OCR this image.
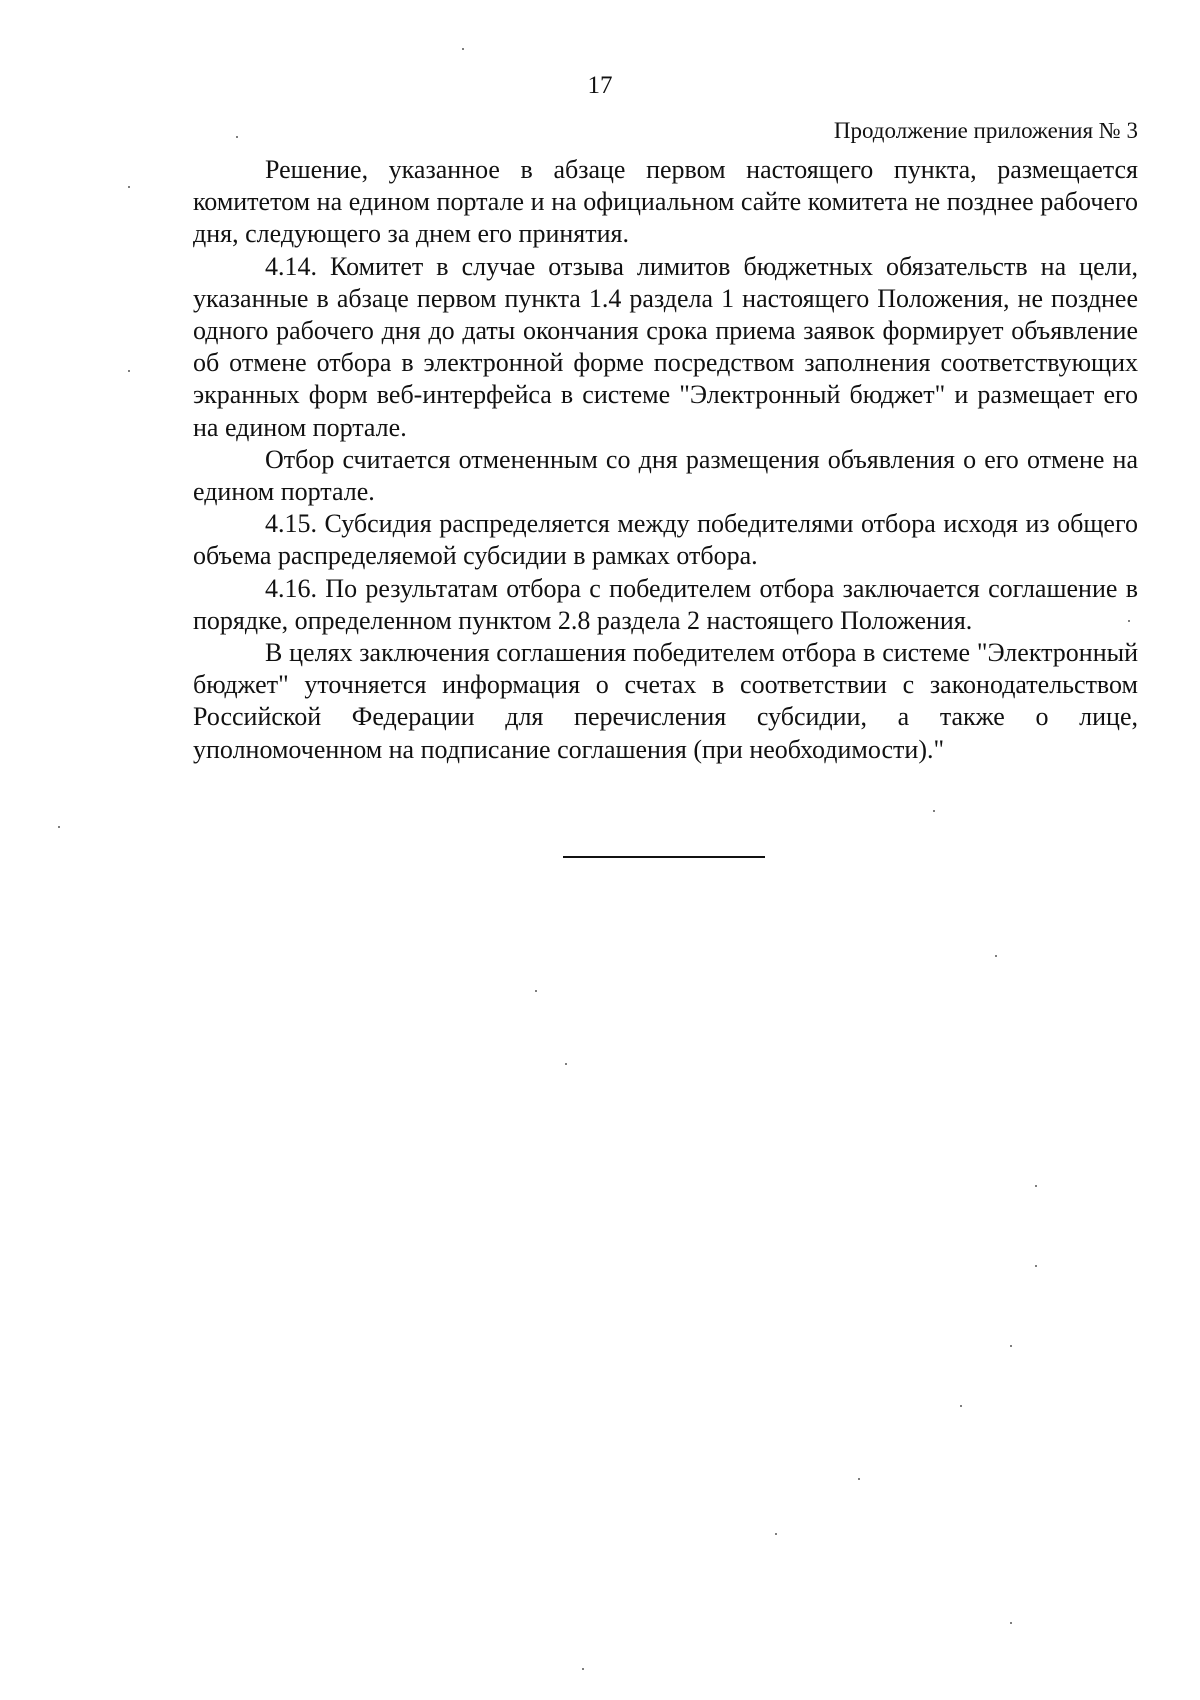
17
Продолжение приложения № 3

Решение, указанное в абзаце первом настоящего пункта, размещается комитетом на едином портале и на официальном сайте комитета не позднее рабочего дня, следующего за днем его принятия.

4.14. Комитет в случае отзыва лимитов бюджетных обязательств на цели, указанные в абзаце первом пункта 1.4 раздела 1 настоящего Положения, не позднее одного рабочего дня до даты окончания срока приема заявок формирует объявление об отмене отбора в электронной форме посредством заполнения соответствующих экранных форм веб-интерфейса в системе "Электронный бюджет" и размещает его на едином портале.

Отбор считается отмененным со дня размещения объявления о его отмене на едином портале.

4.15. Субсидия распределяется между победителями отбора исходя из общего объема распределяемой субсидии в рамках отбора.

4.16. По результатам отбора с победителем отбора заключается соглашение в порядке, определенном пунктом 2.8 раздела 2 настоящего Положения.

В целях заключения соглашения победителем отбора в системе "Электронный бюджет" уточняется информация о счетах в соответствии с законодательством Российской Федерации для перечисления субсидии, а также о лице, уполномоченном на подписание соглашения (при необходимости)."
